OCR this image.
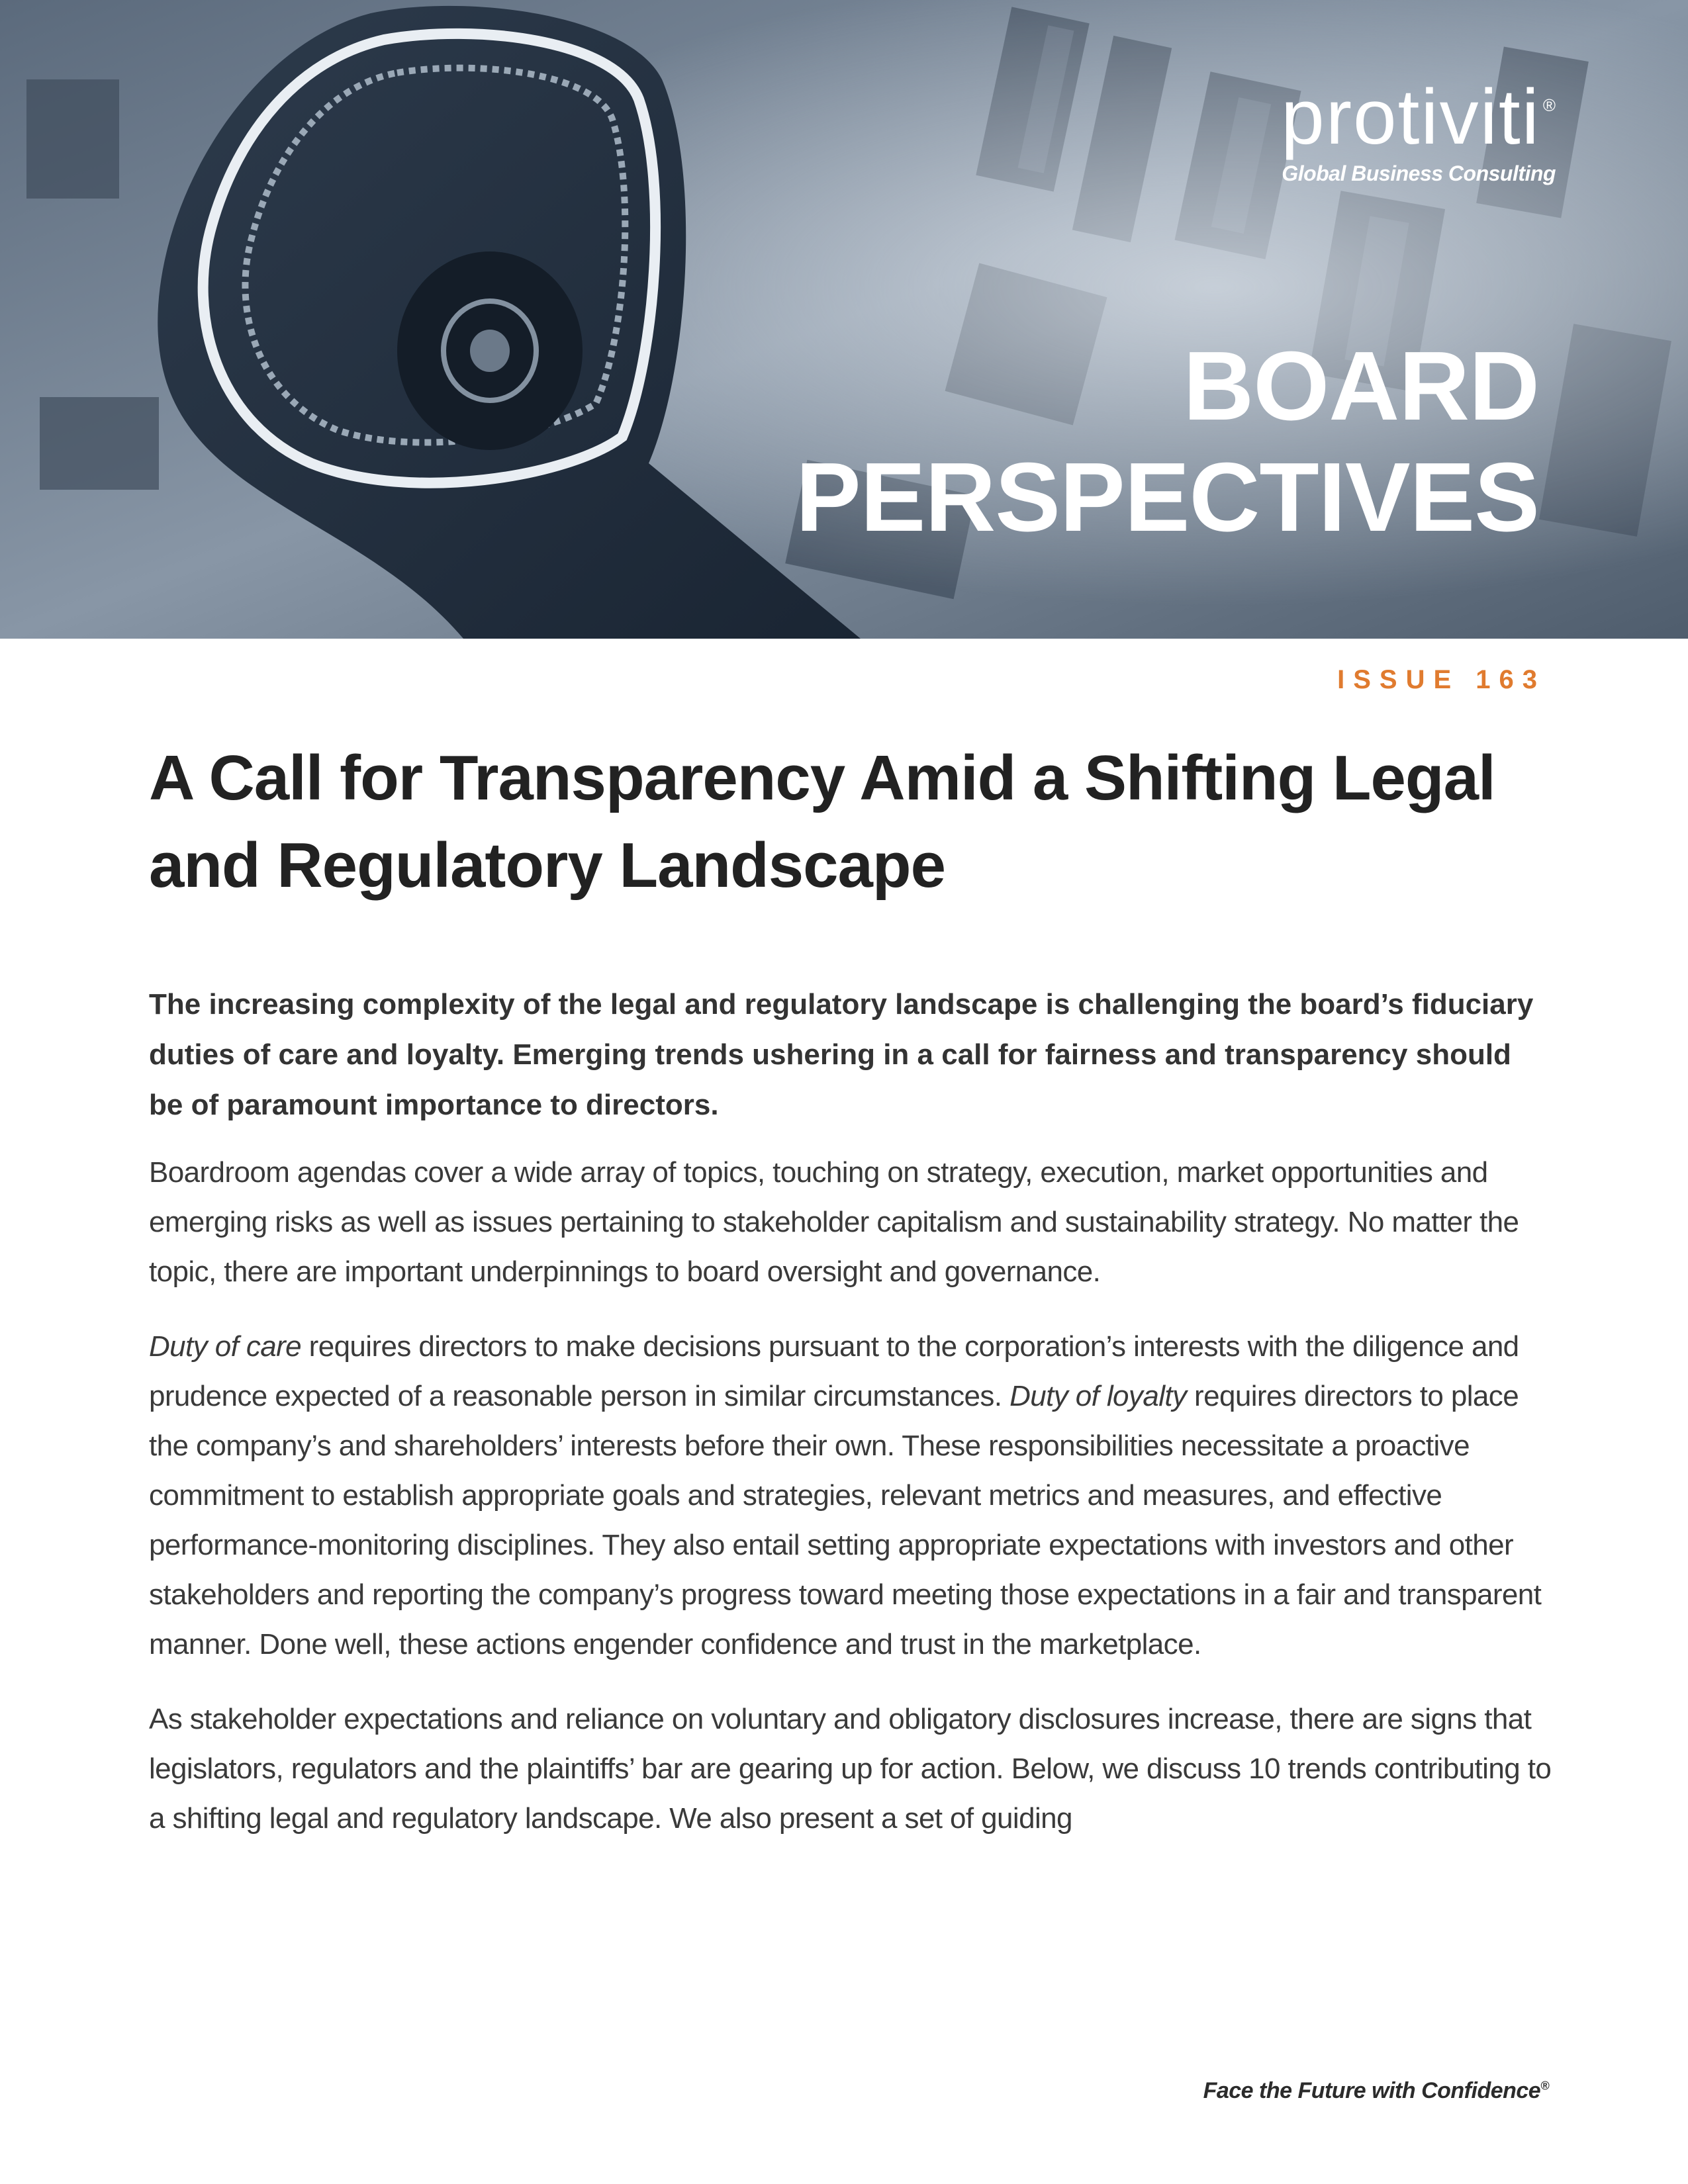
protiviti ®
Global Business Consulting
BOARD
PERSPECTIVES
ISSUE 163
A Call for Transparency Amid a Shifting Legal and Regulatory Landscape

The increasing complexity of the legal and regulatory landscape is challenging the board’s fiduciary duties of care and loyalty. Emerging trends ushering in a call for fairness and transparency should be of paramount importance to directors.

Boardroom agendas cover a wide array of topics, touching on strategy, execution, market opportunities and emerging risks as well as issues pertaining to stakeholder capitalism and sustainability strategy. No matter the topic, there are important underpinnings to board oversight and governance.

Duty of care requires directors to make decisions pursuant to the corporation’s interests with the diligence and prudence expected of a reasonable person in similar circumstances. Duty of loyalty requires directors to place the company’s and shareholders’ interests before their own. These responsibilities necessitate a proactive commitment to establish appropriate goals and strategies, relevant metrics and measures, and effective performance-monitoring disciplines. They also entail setting appropriate expectations with investors and other stakeholders and reporting the company’s progress toward meeting those expectations in a fair and transparent manner. Done well, these actions engender confidence and trust in the marketplace.

As stakeholder expectations and reliance on voluntary and obligatory disclosures increase, there are signs that legislators, regulators and the plaintiffs’ bar are gearing up for action. Below, we discuss 10 trends contributing to a shifting legal and regulatory landscape. We also present a set of guiding

Face the Future with Confidence®
